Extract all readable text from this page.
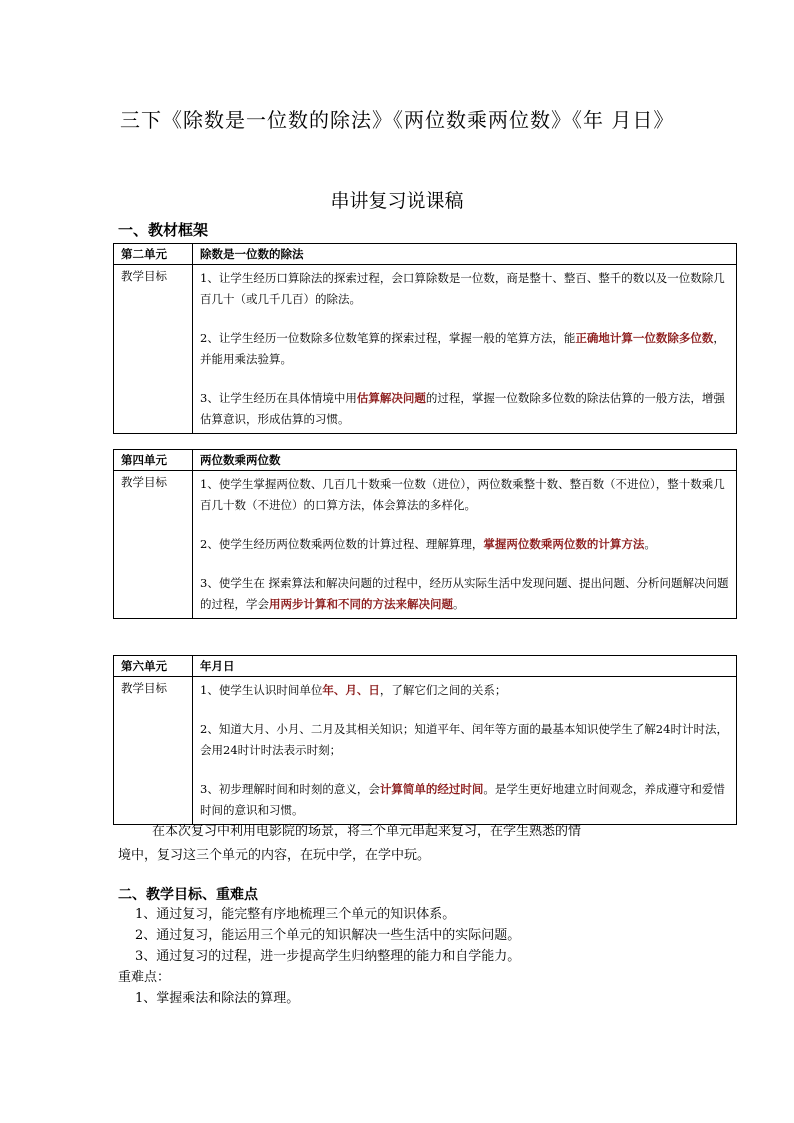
三下《除数是一位数的除法》《两位数乘两位数》《年 月日》
串讲复习说课稿
一、教材框架
第二单元	除数是一位数的除法
教学目标	1、让学生经历口算除法的探索过程，会口算除数是一位数，商是整十、整百、整千的数以及一位数除几百几十（或几千几百）的除法。

2、让学生经历一位数除多位数笔算的探索过程，掌握一般的笔算方法，能正确地计算一位数除多位数，并能用乘法验算。

3、让学生经历在具体情境中用估算解决问题的过程，掌握一位数除多位数的除法估算的一般方法，增强估算意识，形成估算的习惯。

第四单元	两位数乘两位数
教学目标	1、使学生掌握两位数、几百几十数乘一位数（进位），两位数乘整十数、整百数（不进位），整十数乘几百几十数（不进位）的口算方法，体会算法的多样化。

2、使学生经历两位数乘两位数的计算过程、理解算理，掌握两位数乘两位数的计算方法。

3、使学生在 探索算法和解决问题的过程中，经历从实际生活中发现问题、提出问题、分析问题解决问题的过程，学会用两步计算和不同的方法来解决问题。

第六单元	年月日
教学目标	1、使学生认识时间单位年、月、日，了解它们之间的关系；

2、知道大月、小月、二月及其相关知识；知道平年、闰年等方面的最基本知识使学生了解24时计时法，会用24时计时法表示时刻；

3、初步理解时间和时刻的意义，会计算简单的经过时间。是学生更好地建立时间观念，养成遵守和爱惜时间的意识和习惯。

在本次复习中利用电影院的场景，将三个单元串起来复习，在学生熟悉的情
境中，复习这三个单元的内容，在玩中学，在学中玩。
二、教学目标、重难点
1、通过复习，能完整有序地梳理三个单元的知识体系。
2、通过复习，能运用三个单元的知识解决一些生活中的实际问题。
3、通过复习的过程，进一步提高学生归纳整理的能力和自学能力。
重难点：
1、掌握乘法和除法的算理。
